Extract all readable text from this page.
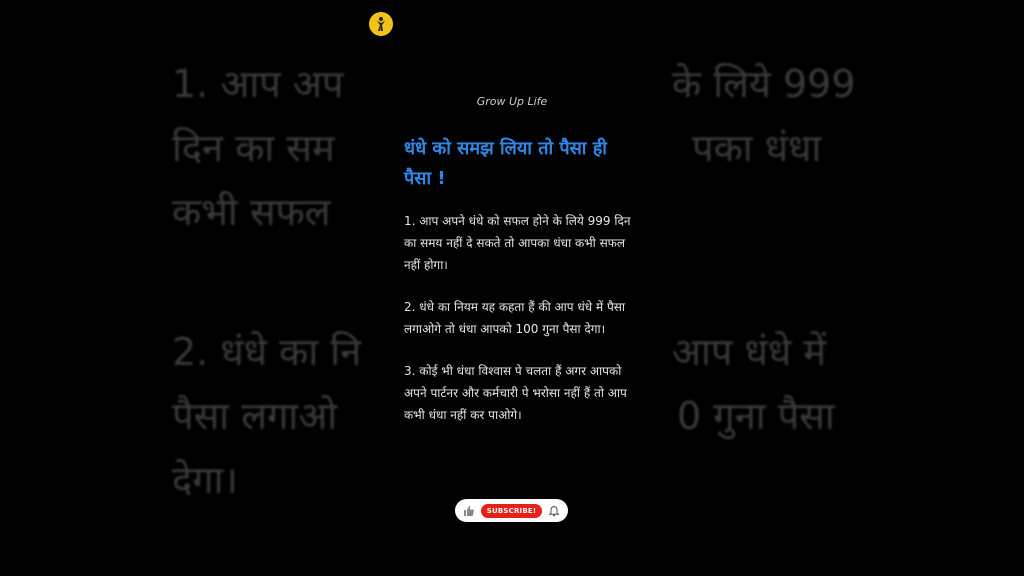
1. आप अप	के लिये 999
दिन का सम	पका धंधा
कभी सफल
2. धंधे का नि	आप धंधे में
पैसा लगाओ	0 गुना पैसा
देगा।
Grow Up Life
धंधे को समझ लिया तो पैसा ही पैसा !

1. आप अपने धंधे को सफल होने के लिये 999 दिन का समय नहीं दे सकते तो आपका धंधा कभी सफल नहीं होगा।

2. धंधे का नियम यह कहता हैं की आप धंधे में पैसा लगाओगे तो धंधा आपको 100 गुना पैसा देगा।

3. कोई भी धंधा विश्वास पे चलता हैं अगर आपको अपने पार्टनर और कर्मचारी पे भरोसा नहीं हैं तो आप कभी धंधा नहीं कर पाओगे।

SUBSCRIBE!
